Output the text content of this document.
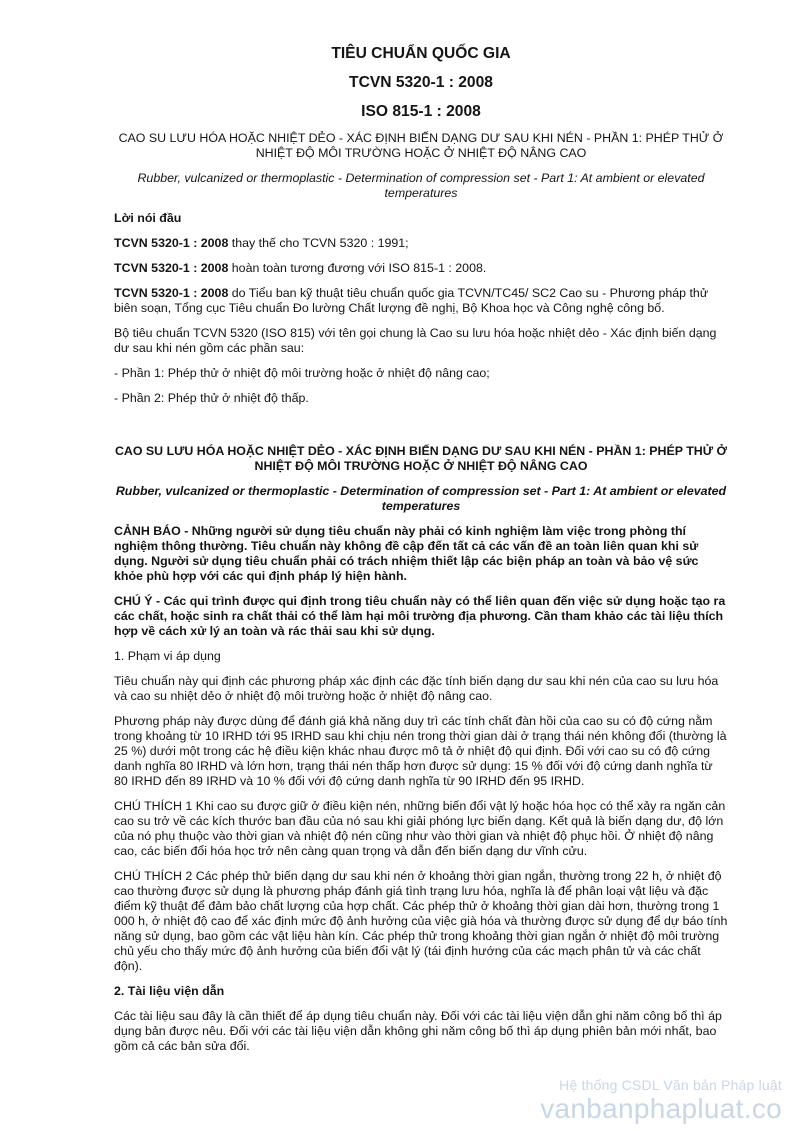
TIÊU CHUẨN QUỐC GIA

TCVN 5320-1 : 2008

ISO 815-1 : 2008

CAO SU LƯU HÓA HOẶC NHIỆT DẺO - XÁC ĐỊNH BIẾN DẠNG DƯ SAU KHI NÉN - PHẦN 1: PHÉP THỬ Ở NHIỆT ĐỘ MÔI TRƯỜNG HOẶC Ở NHIỆT ĐỘ NÂNG CAO

Rubber, vulcanized or thermoplastic - Determination of compression set - Part 1: At ambient or elevated temperatures

Lời nói đầu

TCVN 5320-1 : 2008 thay thế cho TCVN 5320 : 1991;

TCVN 5320-1 : 2008 hoàn toàn tương đương với ISO 815-1 : 2008.

TCVN 5320-1 : 2008 do Tiểu ban kỹ thuật tiêu chuẩn quốc gia TCVN/TC45/ SC2 Cao su - Phương pháp thử biên soạn, Tổng cục Tiêu chuẩn Đo lường Chất lượng đề nghị, Bộ Khoa học và Công nghệ công bố.

Bộ tiêu chuẩn TCVN 5320 (ISO 815) với tên gọi chung là Cao su lưu hóa hoặc nhiệt dẻo - Xác định biến dạng dư sau khi nén gồm các phần sau:

- Phần 1: Phép thử ở nhiệt độ môi trường hoặc ở nhiệt độ nâng cao;

- Phần 2: Phép thử ở nhiệt độ thấp.

CAO SU LƯU HÓA HOẶC NHIỆT DẺO - XÁC ĐỊNH BIẾN DẠNG DƯ SAU KHI NÉN - PHẦN 1: PHÉP THỬ Ở NHIỆT ĐỘ MÔI TRƯỜNG HOẶC Ở NHIỆT ĐỘ NÂNG CAO

Rubber, vulcanized or thermoplastic - Determination of compression set - Part 1: At ambient or elevated temperatures

CẢNH BÁO - Những người sử dụng tiêu chuẩn này phải có kinh nghiệm làm việc trong phòng thí nghiệm thông thường. Tiêu chuẩn này không đề cập đến tất cả các vấn đề an toàn liên quan khi sử dụng. Người sử dụng tiêu chuẩn phải có trách nhiệm thiết lập các biện pháp an toàn và bảo vệ sức khỏe phù hợp với các qui định pháp lý hiện hành.

CHÚ Ý - Các qui trình được qui định trong tiêu chuẩn này có thể liên quan đến việc sử dụng hoặc tạo ra các chất, hoặc sinh ra chất thải có thể làm hại môi trường địa phương. Cần tham khảo các tài liệu thích hợp về cách xử lý an toàn và rác thải sau khi sử dụng.

1. Phạm vi áp dụng

Tiêu chuẩn này qui định các phương pháp xác định các đặc tính biến dạng dư sau khi nén của cao su lưu hóa và cao su nhiệt dẻo ở nhiệt độ môi trường hoặc ở nhiệt độ nâng cao.

Phương pháp này được dùng để đánh giá khả năng duy trì các tính chất đàn hồi của cao su có độ cứng nằm trong khoảng từ 10 IRHD tới 95 IRHD sau khi chịu nén trong thời gian dài ở trạng thái nén không đổi (thường là 25 %) dưới một trong các hệ điều kiện khác nhau được mô tả ở nhiệt độ qui định. Đối với cao su có độ cứng danh nghĩa 80 IRHD và lớn hơn, trạng thái nén thấp hơn được sử dụng: 15 % đối với độ cứng danh nghĩa từ 80 IRHD đến 89 IRHD và 10 % đối với độ cứng danh nghĩa từ 90 IRHD đến 95 IRHD.

CHÚ THÍCH 1 Khi cao su được giữ ở điều kiện nén, những biến đổi vật lý hoặc hóa học có thể xảy ra ngăn cản cao su trở về các kích thước ban đầu của nó sau khi giải phóng lực biến dạng. Kết quả là biến dạng dư, độ lớn của nó phụ thuộc vào thời gian và nhiệt độ nén cũng như vào thời gian và nhiệt độ phục hồi. Ở nhiệt độ nâng cao, các biến đổi hóa học trở nên càng quan trọng và dẫn đến biến dạng dư vĩnh cửu.

CHÚ THÍCH 2 Các phép thử biến dạng dư sau khi nén ở khoảng thời gian ngắn, thường trong 22 h, ở nhiệt độ cao thường được sử dụng là phương pháp đánh giá tình trạng lưu hóa, nghĩa là để phân loại vật liệu và đặc điểm kỹ thuật để đảm bảo chất lượng của hợp chất. Các phép thử ở khoảng thời gian dài hơn, thường trong 1 000 h, ở nhiệt độ cao để xác định mức độ ảnh hưởng của việc già hóa và thường được sử dụng để dự báo tính năng sử dụng, bao gồm các vật liệu hàn kín. Các phép thử trong khoảng thời gian ngắn ở nhiệt độ môi trường chủ yếu cho thấy mức độ ảnh hưởng của biến đổi vật lý (tái định hướng của các mạch phân tử và các chất độn).

2. Tài liệu viện dẫn

Các tài liệu sau đây là cần thiết để áp dụng tiêu chuẩn này. Đối với các tài liệu viện dẫn ghi năm công bố thì áp dụng bản được nêu. Đối với các tài liệu viện dẫn không ghi năm công bố thì áp dụng phiên bản mới nhất, bao gồm cả các bản sửa đổi.

Hệ thống CSDL Văn bản Pháp luật
vanbanphapluat.co
